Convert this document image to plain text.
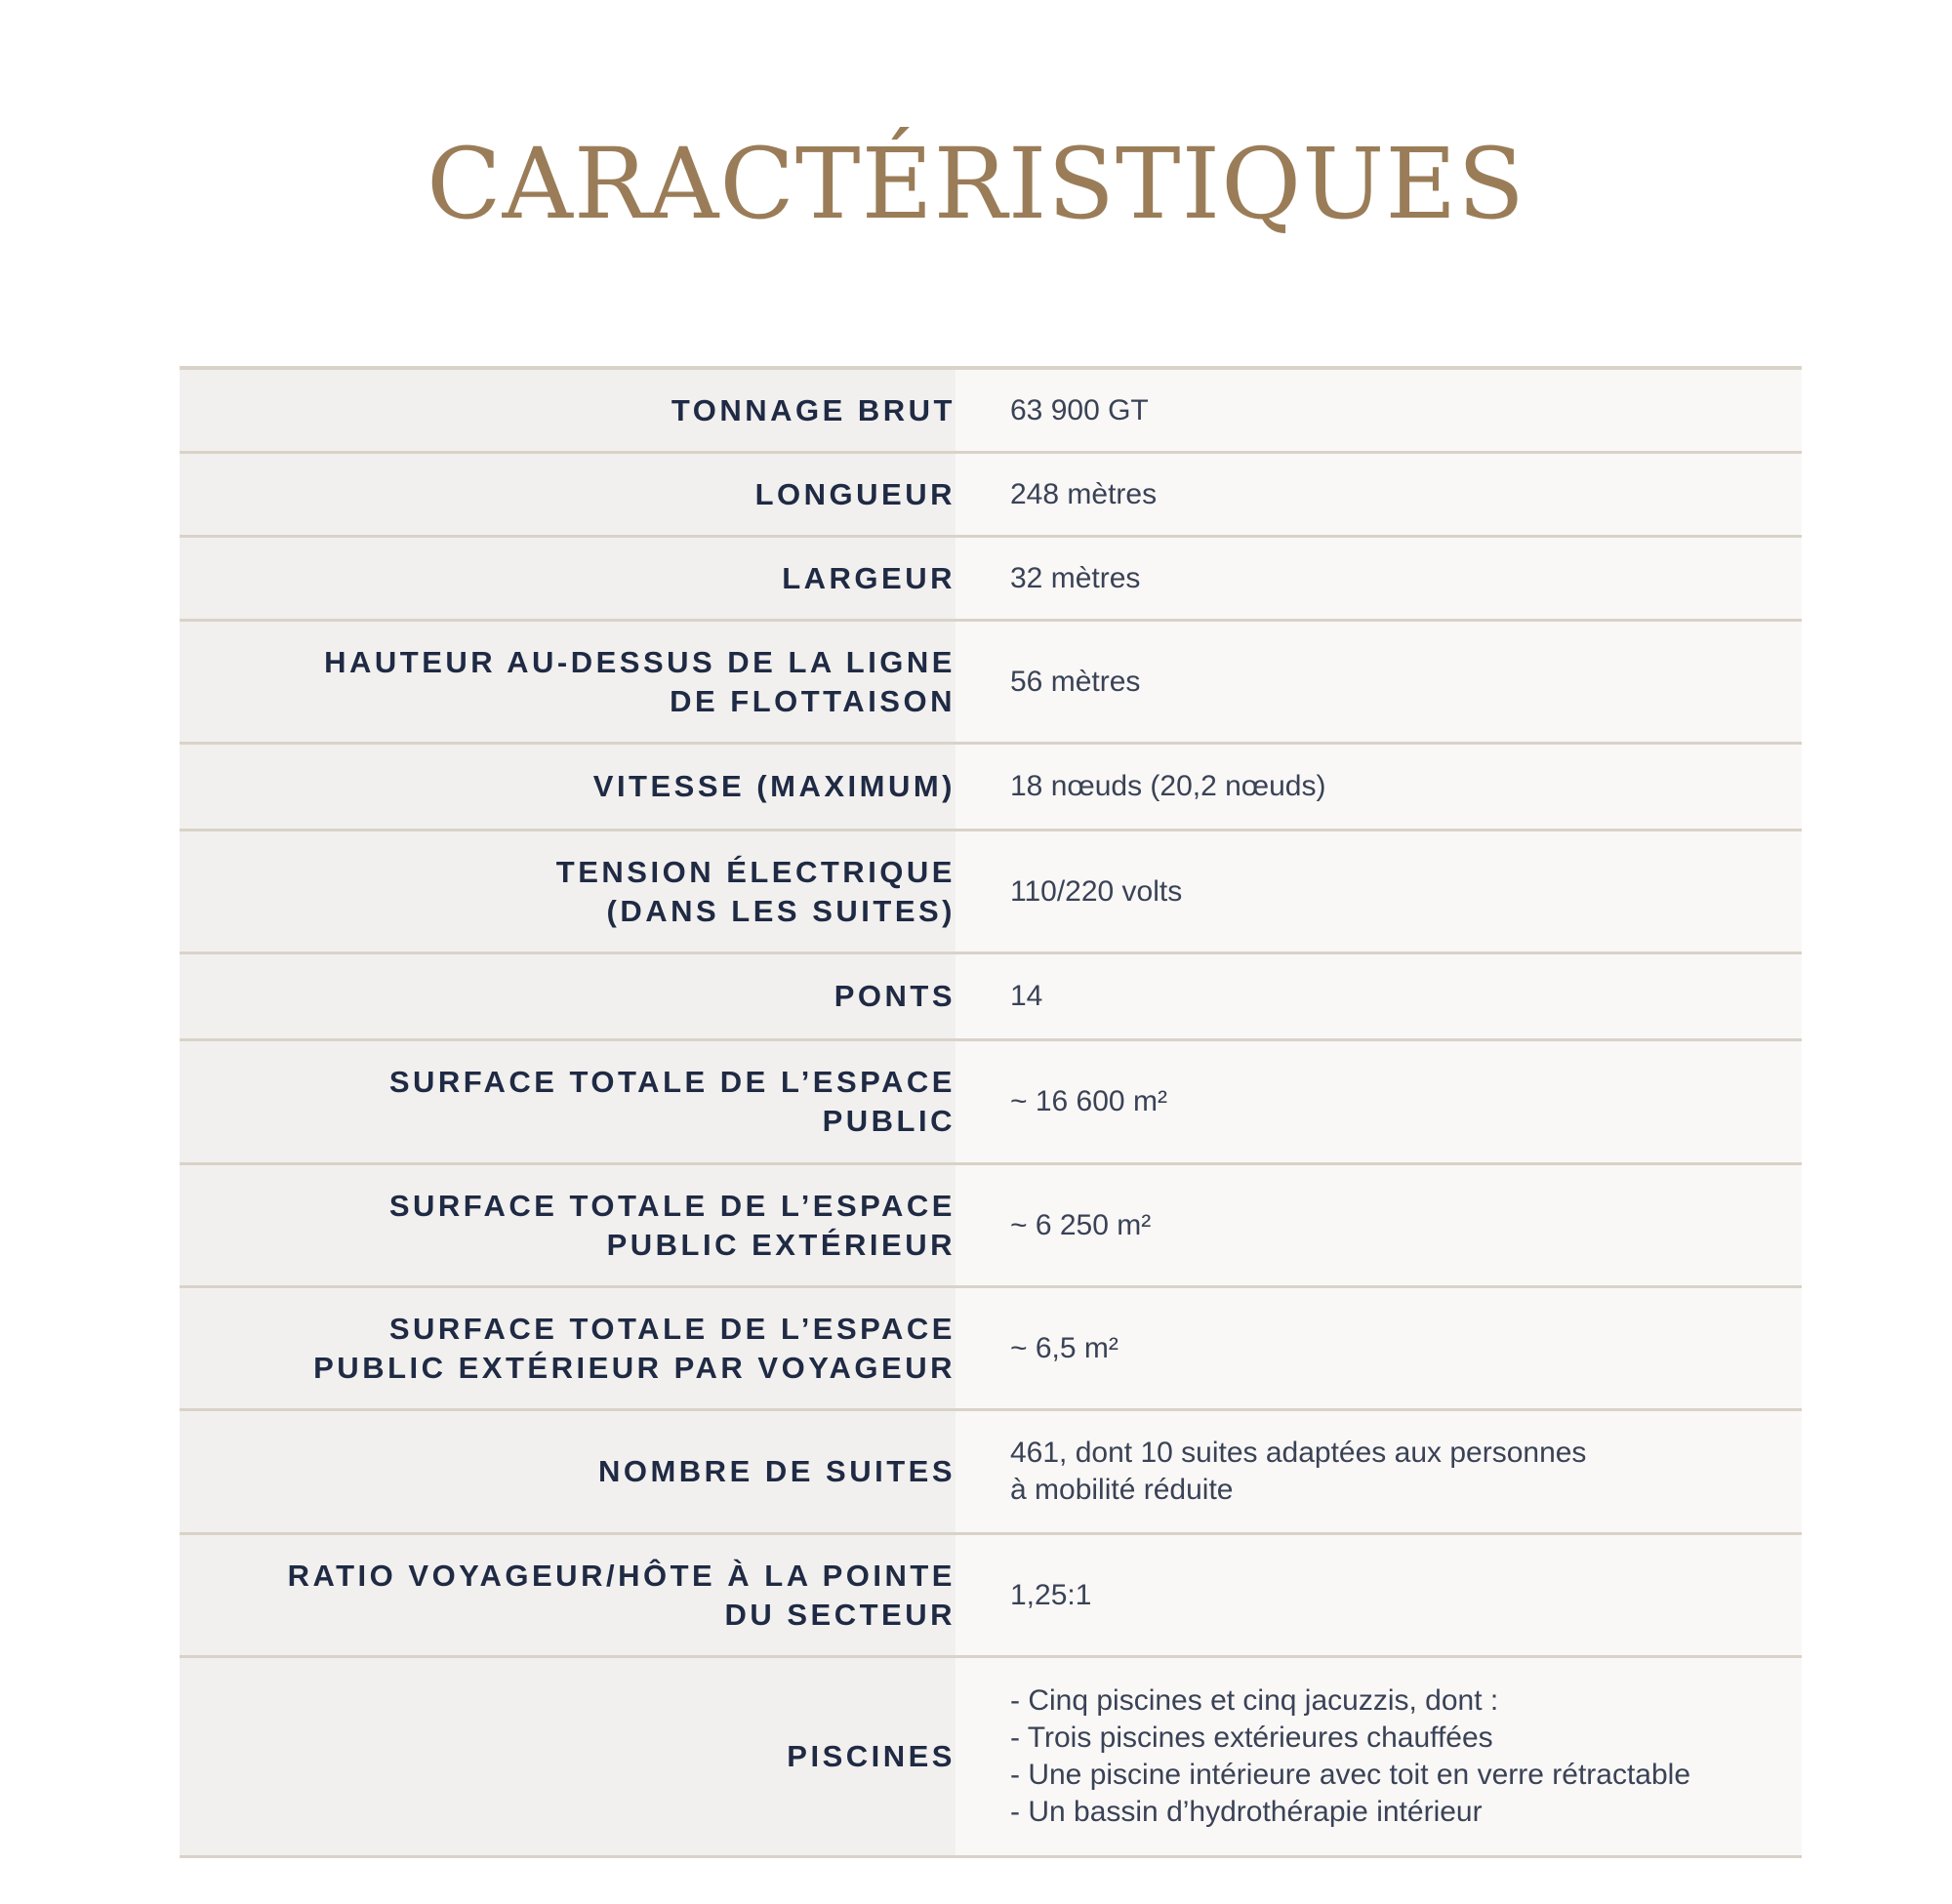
CARACTÉRISTIQUES
TONNAGE BRUT 63 900 GT
LONGUEUR 248 mètres
LARGEUR 32 mètres
HAUTEUR AU-DESSUS DE LA LIGNE
DE FLOTTAISON
56 mètres
VITESSE (MAXIMUM) 18 nœuds (20,2 nœuds)
TENSION ÉLECTRIQUE
(DANS LES SUITES)
110/220 volts
PONTS 14
SURFACE TOTALE DE L’ESPACE
PUBLIC
~ 16 600 m²
SURFACE TOTALE DE L’ESPACE
PUBLIC EXTÉRIEUR
~ 6 250 m²
SURFACE TOTALE DE L’ESPACE
PUBLIC EXTÉRIEUR PAR VOYAGEUR
~ 6,5 m²
NOMBRE DE SUITES
461, dont 10 suites adaptées aux personnes
à mobilité réduite
RATIO VOYAGEUR/HÔTE À LA POINTE
DU SECTEUR
1,25:1
PISCINES
- Cinq piscines et cinq jacuzzis, dont :
- Trois piscines extérieures chauffées
- Une piscine intérieure avec toit en verre rétractable
- Un bassin d’hydrothérapie intérieur
